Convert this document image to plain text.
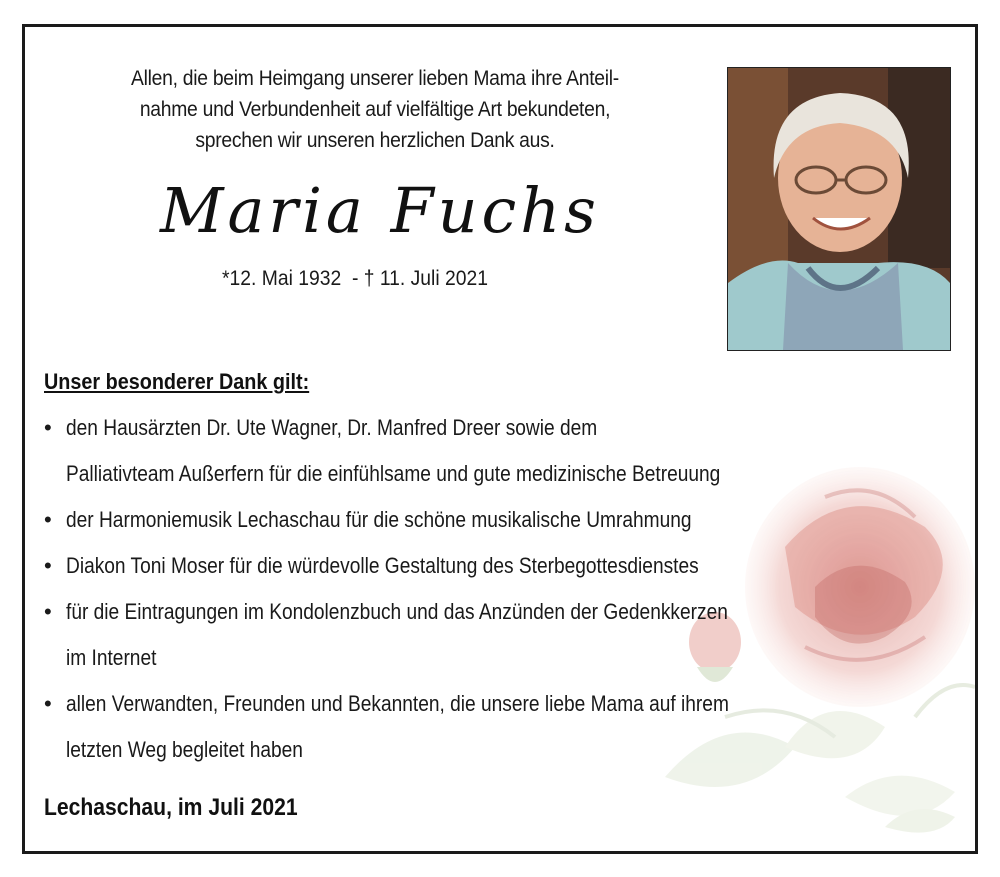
Allen, die beim Heimgang unserer lieben Mama ihre Anteil-
nahme und Verbundenheit auf vielfältige Art bekundeten,
sprechen wir unseren herzlichen Dank aus.
Maria Fuchs
*12. Mai 1932  - † 11. Juli 2021
Unser besonderer Dank gilt:
• den Hausärzten Dr. Ute Wagner, Dr. Manfred Dreer sowie dem
Palliativteam Außerfern für die einfühlsame und gute medizinische Betreuung
• der Harmoniemusik Lechaschau für die schöne musikalische Umrahmung
• Diakon Toni Moser für die würdevolle Gestaltung des Sterbegottesdienstes
• für die Eintragungen im Kondolenzbuch und das Anzünden der Gedenkkerzen
im Internet
• allen Verwandten, Freunden und Bekannten, die unsere liebe Mama auf ihrem
letzten Weg begleitet haben
Lechaschau, im Juli 2021
